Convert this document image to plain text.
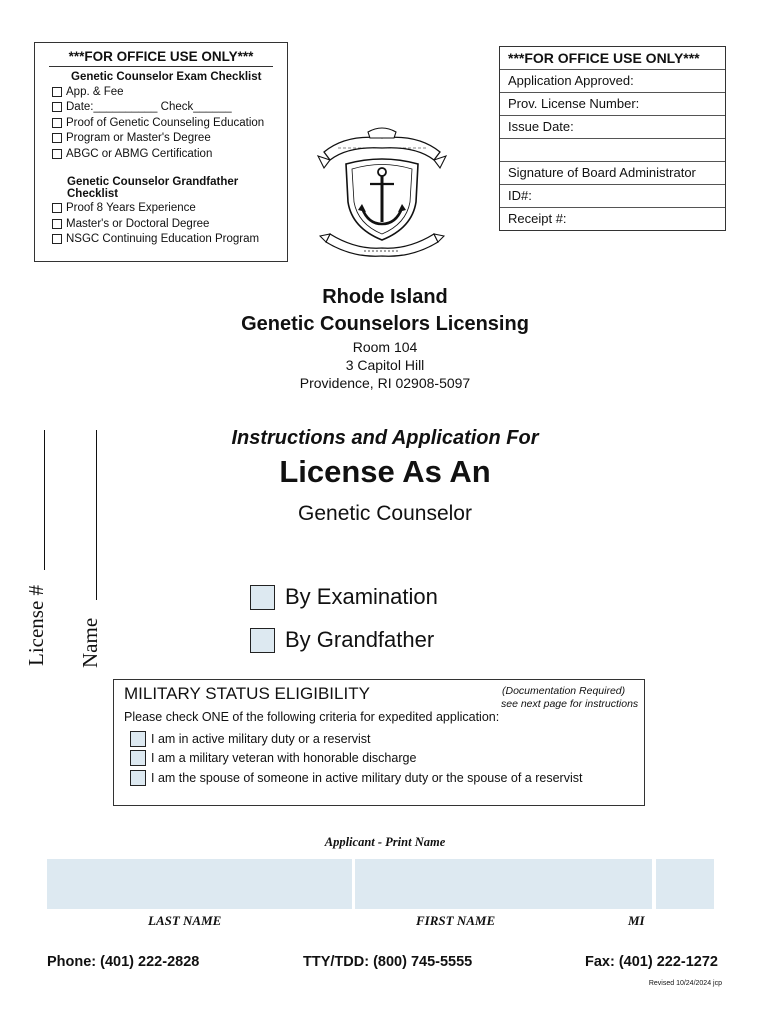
***FOR OFFICE USE ONLY***
Genetic Counselor Exam Checklist
App. & Fee
Date:__________ Check______
Proof of Genetic Counseling Education
Program or Master's Degree
ABGC or ABMG Certification
Genetic Counselor Grandfather Checklist
Proof 8 Years Experience
Master's or Doctoral Degree
NSGC Continuing Education Program
***FOR OFFICE USE ONLY***
Application Approved:
Prov. License Number:
Issue Date:
Signature of Board Administrator
ID#:
Receipt #:
Rhode Island
Genetic Counselors Licensing
Room 104
3 Capitol Hill
Providence, RI 02908-5097
Instructions and Application For
License As An
Genetic Counselor
License # Name
By Examination
By Grandfather
MILITARY STATUS ELIGIBILITY	(Documentation Required)
see next page for instructions
Please check ONE of the following criteria for expedited application:
I am in active military duty or a reservist
I am a military veteran with honorable discharge
I am the spouse of someone in active military duty or the spouse of a reservist
Applicant - Print Name
LAST NAME	FIRST NAME	MI
Phone: (401) 222-2828	TTY/TDD: (800) 745-5555	Fax: (401) 222-1272
Revised 10/24/2024 jcp
